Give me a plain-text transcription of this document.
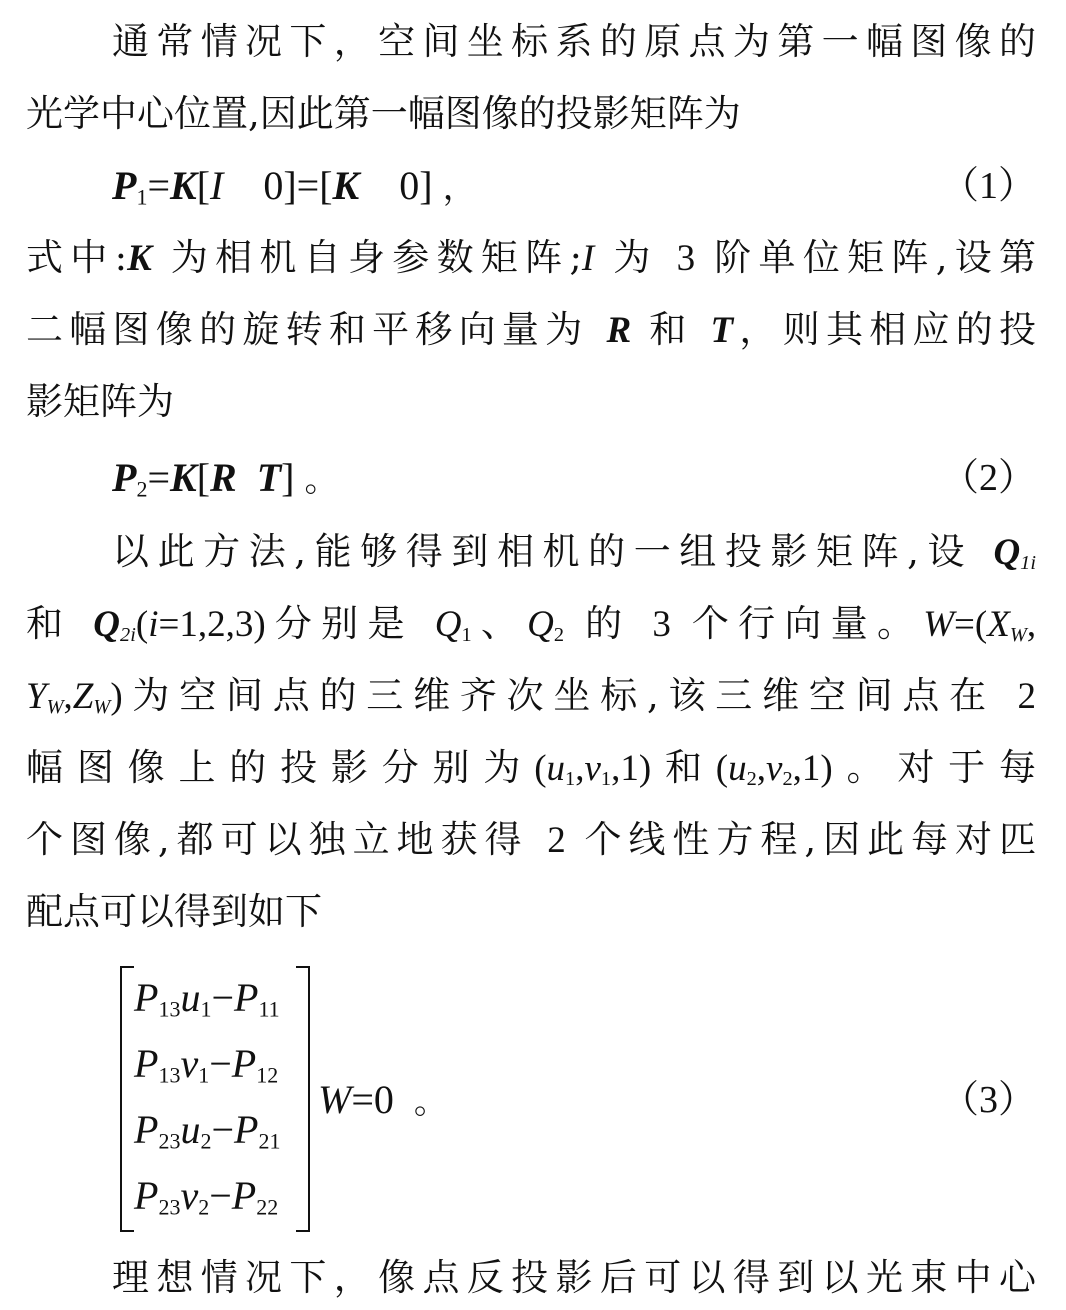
通常情况下，空间坐标系的原点为第一幅图像的
光学中心位置,因此第一幅图像的投影矩阵为
$P_1=K[I$ 0]=[K 0] ，	（1）
式中:K 为相机自身参数矩阵;I 为 3 阶单位矩阵,设第
二幅图像的旋转和平移向量为 R 和 T，则其相应的投
影矩阵为
$P_2=K[R$ T] 。	（2）
以此方法,能够得到相机的一组投影矩阵,设 $Q_{1i}$
和 $Q_{2i}(i=1,2,3)$分别是 $Q_1$、$Q_2$ 的 3 个行向量。$W=(X_W$,
$Y_W,Z_W$)为空间点的三维齐次坐标,该三维空间点在 2
幅图像上的投影分别为$(u_1,v_1,1)$和$(u_2,v_2,1)$。对于每
个图像,都可以独立地获得 2 个线性方程,因此每对匹
配点可以得到如下
$P_{13}u_1-P_{11}$
$P_{13}v_1-P_{12}$
$P_{23}u_2-P_{21}$
$P_{23}v_2-P_{22}$
W=0 。	（3）
理想情况下，像点反投影后可以得到以光束中心
